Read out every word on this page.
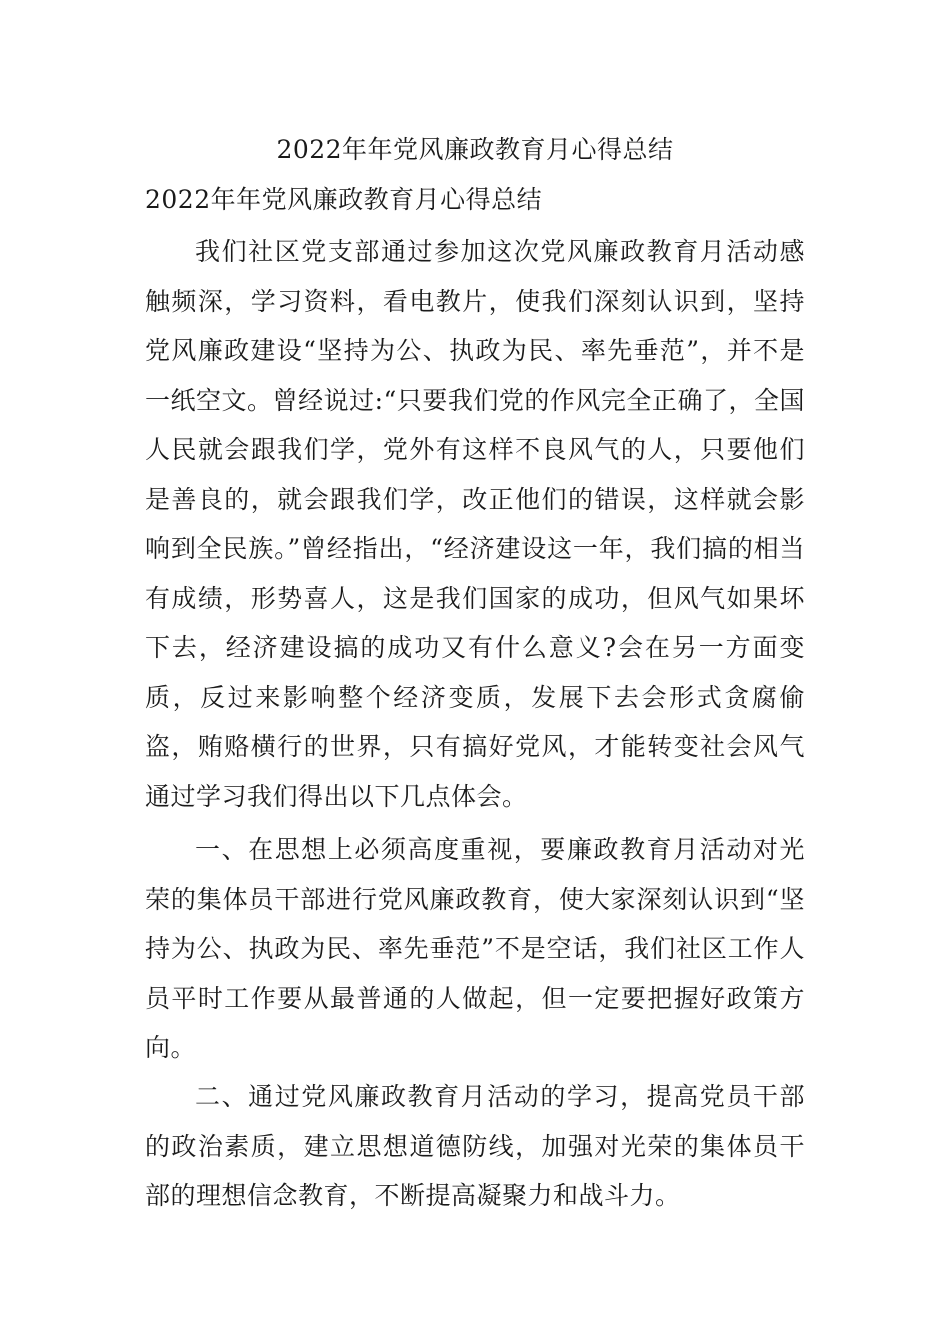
2022年年党风廉政教育月心得总结
2022年年党风廉政教育月心得总结

我们社区党支部通过参加这次党风廉政教育月活动感触频深，学习资料，看电教片，使我们深刻认识到，坚持党风廉政建设“坚持为公、执政为民、率先垂范”，并不是一纸空文。曾经说过:“只要我们党的作风完全正确了，全国人民就会跟我们学，党外有这样不良风气的人，只要他们是善良的，就会跟我们学，改正他们的错误，这样就会影响到全民族。”曾经指出，“经济建设这一年，我们搞的相当有成绩，形势喜人，这是我们国家的成功，但风气如果坏下去，经济建设搞的成功又有什么意义?会在另一方面变质，反过来影响整个经济变质，发展下去会形式贪腐偷盗，贿赂横行的世界，只有搞好党风，才能转变社会风气通过学习我们得出以下几点体会。

一、在思想上必须高度重视，要廉政教育月活动对光荣的集体员干部进行党风廉政教育，使大家深刻认识到“坚持为公、执政为民、率先垂范”不是空话，我们社区工作人员平时工作要从最普通的人做起，但一定要把握好政策方向。

二、通过党风廉政教育月活动的学习，提高党员干部的政治素质，建立思想道德防线，加强对光荣的集体员干部的理想信念教育，不断提高凝聚力和战斗力。
